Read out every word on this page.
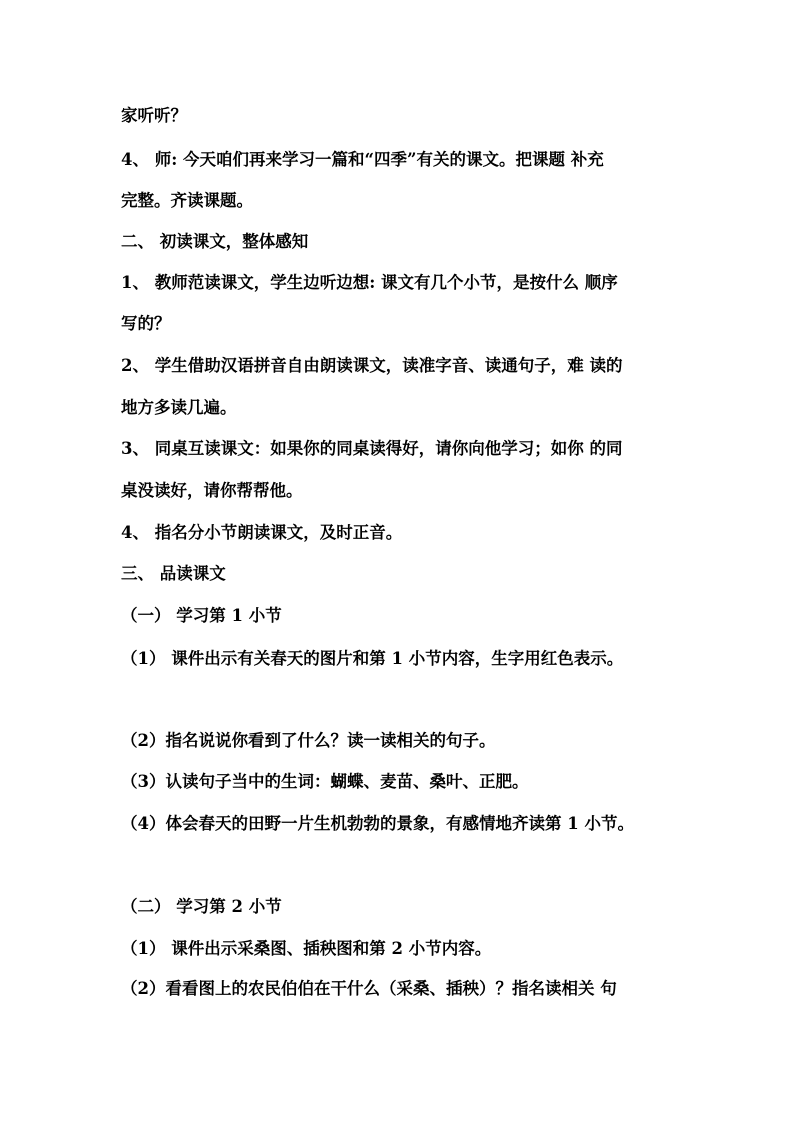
家听听？
4、 师: 今天咱们再来学习一篇和“四季”有关的课文。把课题 补充
完整。齐读课题。
二、 初读课文，整体感知
1、 教师范读课文，学生边听边想: 课文有几个小节，是按什么 顺序
写的？
2、 学生借助汉语拼音自由朗读课文，读准字音、读通句子，难 读的
地方多读几遍。
3、 同桌互读课文：如果你的同桌读得好，请你向他学习；如你 的同
桌没读好，请你帮帮他。
4、 指名分小节朗读课文，及时正音。
三、 品读课文
（一） 学习第 1 小节
（1） 课件出示有关春天的图片和第 1 小节内容，生字用红色表示。
（2）指名说说你看到了什么？读一读相关的句子。
（3）认读句子当中的生词：蝴蝶、麦苗、桑叶、正肥。
（4）体会春天的田野一片生机勃勃的景象，有感情地齐读第 1 小节。
（二） 学习第 2 小节
（1） 课件出示采桑图、插秧图和第 2 小节内容。
（2）看看图上的农民伯伯在干什么（采桑、插秧）？指名读相关 句
